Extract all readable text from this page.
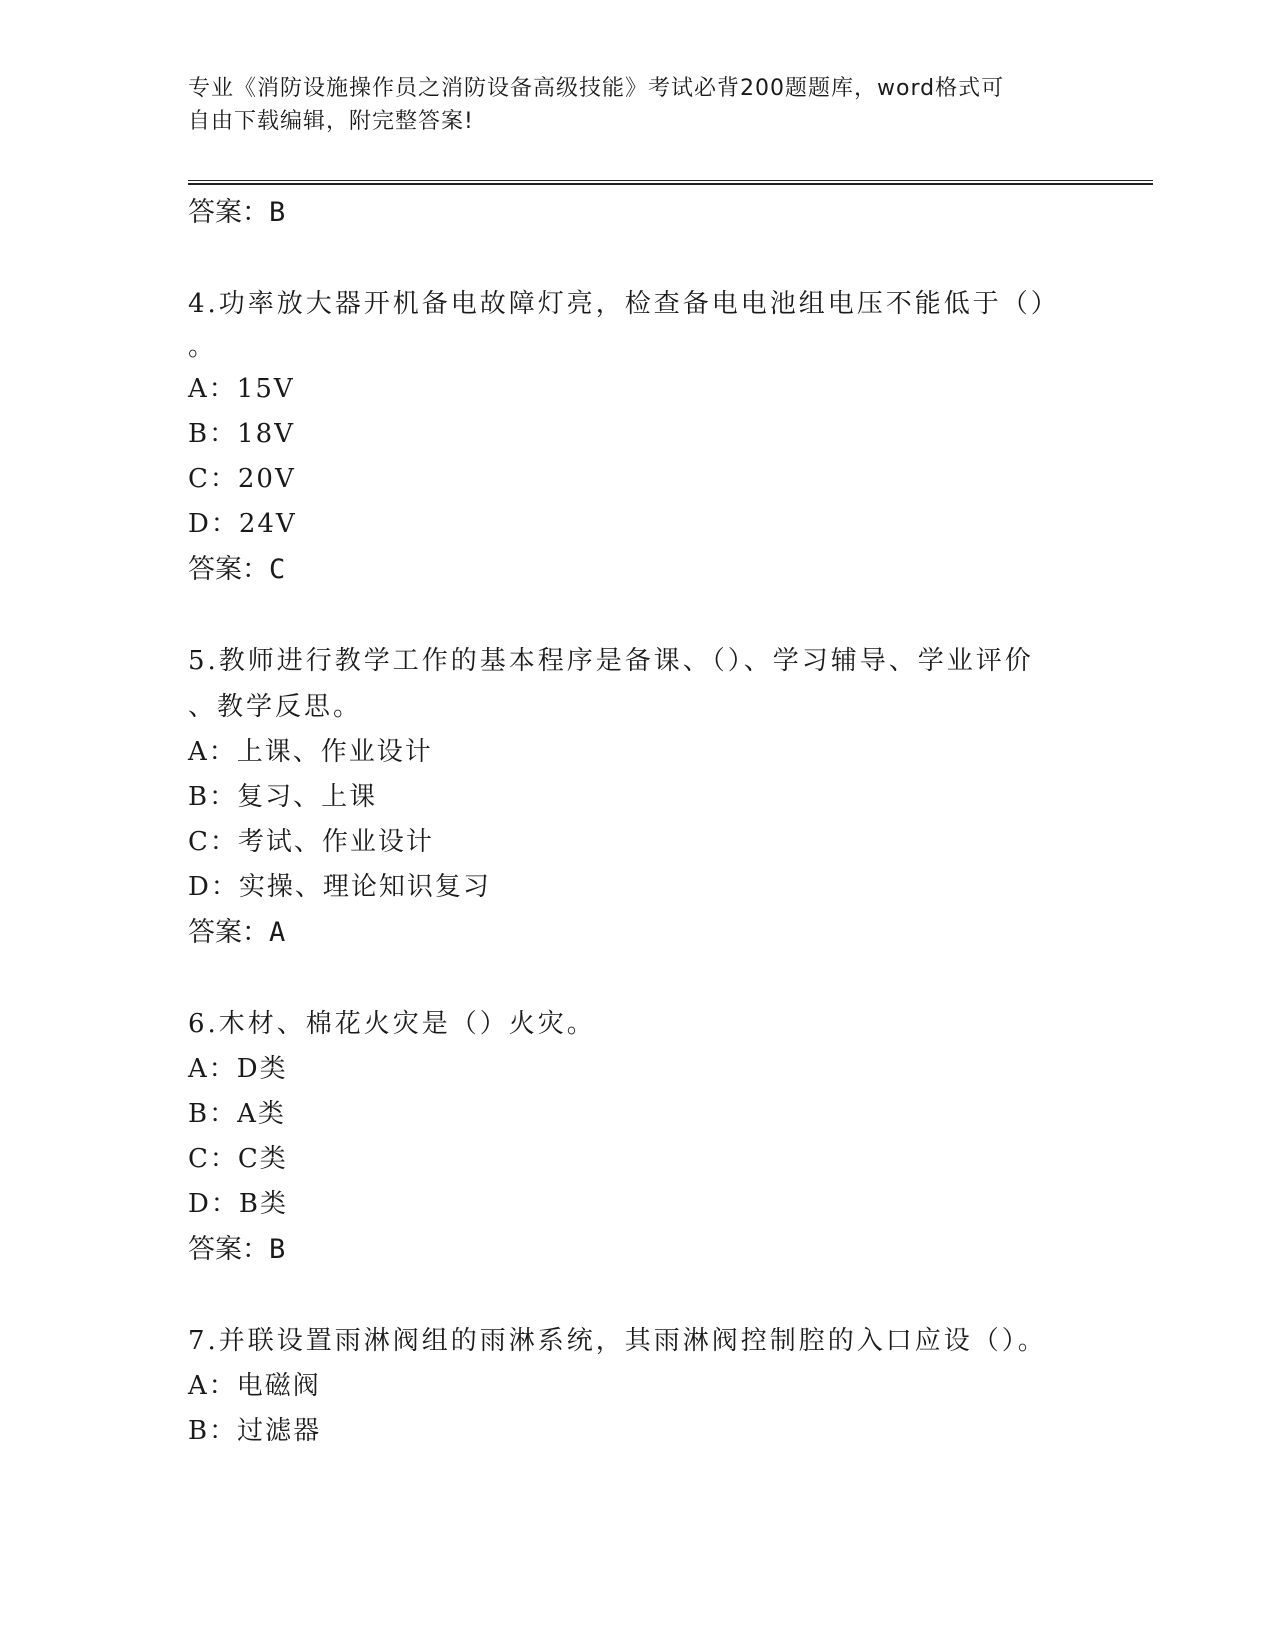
专业《消防设施操作员之消防设备高级技能》考试必背200题题库，word格式可
自由下载编辑，附完整答案!
答案：B
4.功率放大器开机备电故障灯亮，检查备电电池组电压不能低于（）
。
A：15V
B：18V
C：20V
D：24V
答案：C
5.教师进行教学工作的基本程序是备课、（）、学习辅导、学业评价
、教学反思。
A：上课、作业设计
B：复习、上课
C：考试、作业设计
D：实操、理论知识复习
答案：A
6.木材、棉花火灾是（）火灾。
A：D类
B：A类
C：C类
D：B类
答案：B
7.并联设置雨淋阀组的雨淋系统，其雨淋阀控制腔的入口应设（）。
A：电磁阀
B：过滤器
